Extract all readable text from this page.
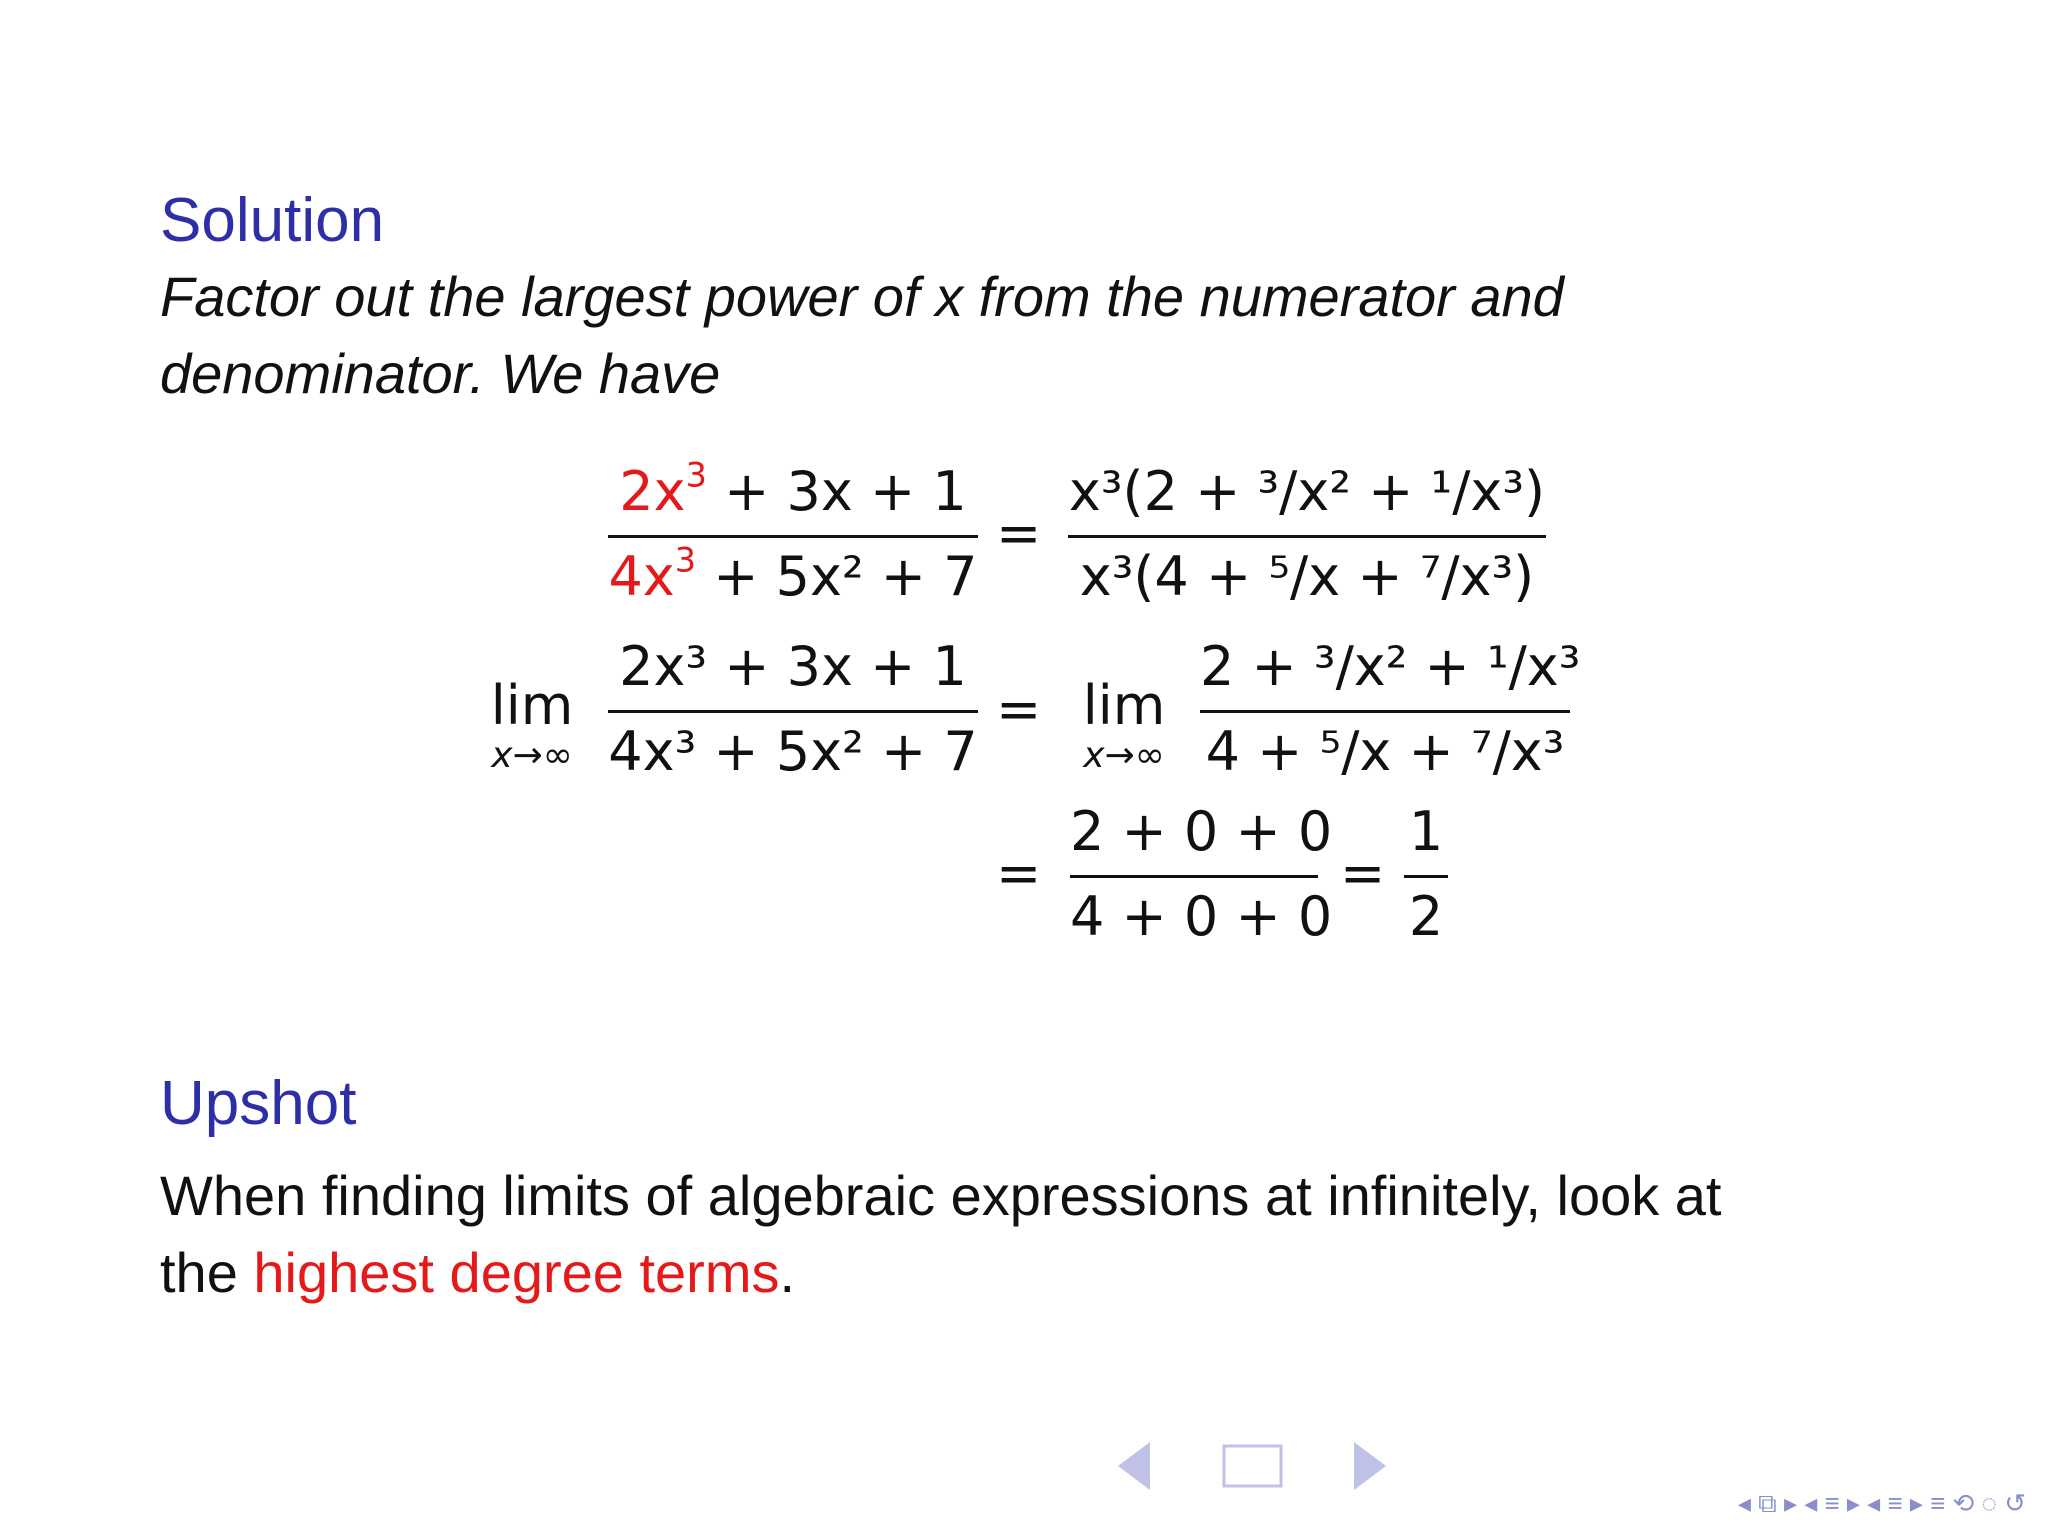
Solution
Factor out the largest power of x from the numerator and
denominator. We have
$2x^3 + 3x + 1$
$4x^3 + 5x^2 + 7$
=
x³(2 + ³/x² + ¹/x³)
x³(4 + ⁵/x + ⁷/x³)
lim
x→∞
2x³ + 3x + 1
4x³ + 5x² + 7
= lim
x→∞
2 + ³/x² + ¹/x³
4 + ⁵/x + ⁷/x³
=
2 + 0 + 0
4 + 0 + 0
=
1
2
Upshot
When finding limits of algebraic expressions at infinitely, look at
the highest degree terms.
◂ ⧉ ▸ ◂ ≡ ▸ ◂ ≡ ▸ ≡ ⟲ ◌ ↺
